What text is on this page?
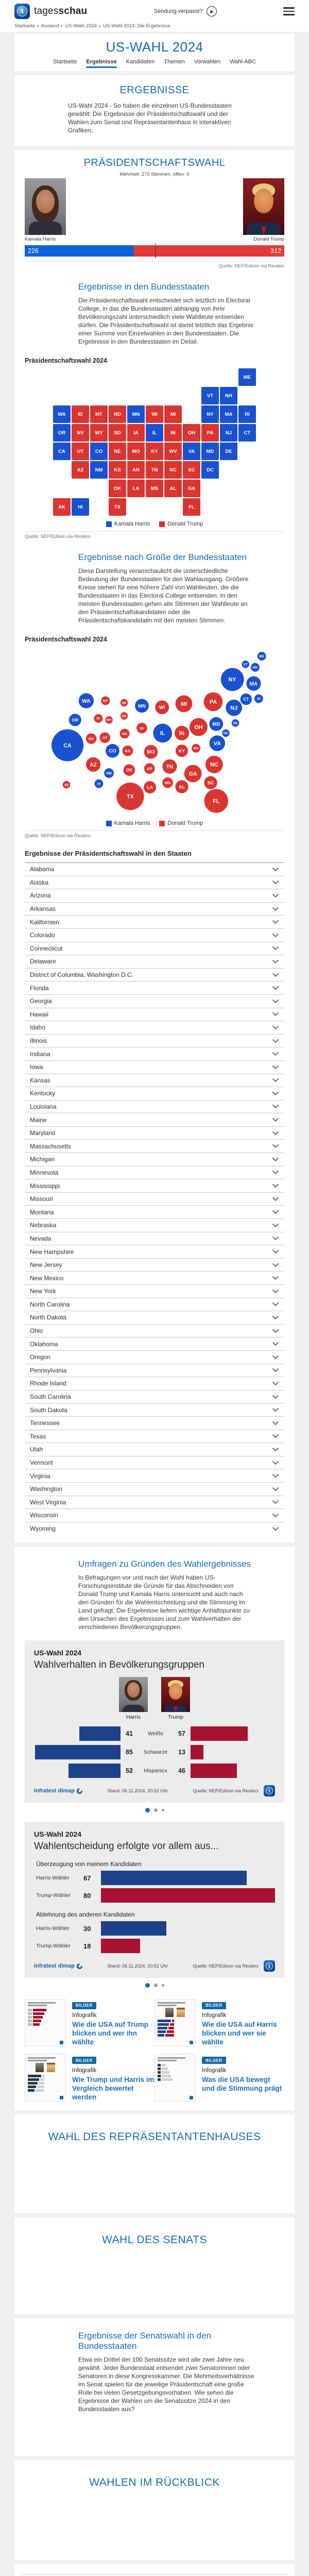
1	tagesschau	Sendung verpasst?	▶
Startseite ▸ Ausland ▸ US-Wahl 2024 ▸ US-Wahl 2024: Die Ergebnisse
US-WAHL 2024
Startseite Ergebnisse Kandidaten Themen Vorwahlen Wahl-ABC
ERGEBNISSE

US-Wahl 2024 - So haben die einzelnen US-Bundesstaaten gewählt: Die Ergebnisse der Präsidentschaftswahl und der Wahlen zum Senat und Repräsentantenhaus in interaktiven Grafiken.

PRÄSIDENTSCHAFTSWAHL

Mehrheit: 270 Stimmen, offen: 0

Kamala Harris	Donald Trump
226	312
Quelle: NEP/Edison via Reuters
Ergebnisse in den Bundesstaaten

Die Präsidentschaftswahl entscheidet sich letztlich im Electoral College, in das die Bundesstaaten abhängig von ihrer Bevölkerungszahl unterschiedlich viele Wahlleute entsenden dürfen. Die Präsidentschaftswahl ist damit letztlich das Ergebnis einer Summe von Einzelwahlen in den Bundesstaaten. Die Ergebnisse in den Bundesstaaten im Detail.

Präsidentschaftswahl 2024
AK
AL
AR
AZ
CA	CO
CT
DC
DE
FL
GA
HI
IA
ID
IL	IN
KS
KY
LA
MA
MD
ME
MI
MN
MO
MS
MT
NC
ND
NE
NH
NJ
NM
NV
NY
OH
OK
OR	PA
RI
SC
SD
TN
TX
UT	VA
VT
WA	WI
WV
WY
Kamala Harris	Donald Trump
Quelle: NEP/Edison via Reuters
Ergebnisse nach Größe der Bundesstaaten

Diese Darstellung veranschaulicht die unterschiedliche Bedeutung der Bundesstaaten für den Wahlausgang. Größere Kreise stehen für eine höhere Zahl von Wahlleuten, die die Bundesstaaten in das Electoral College entsenden. In den meisten Bundesstaaten gehen alle Stimmen der Wahlleute an den Präsidentschaftskandidaten oder die Präsidentschaftskandidatin mit den meisten Stimmen.

Präsidentschaftswahl 2024
AK	AL
AR
AZ
CA
CO
CT
DC
DE
FL
GA
HI
IA
ID
IL	IN
KS	KY
LA
MA
MD
ME
MI
MN
MO
MS
MT
NC
ND
NE
NH
NJ
NM
NV
NY
OH
OK
OR
PA	RI
SC
SD
TN
TX
UT
VA
VT
WA
WI
WV
WY
Kamala Harris	Donald Trump
Quelle: NEP/Edison via Reuters
Ergebnisse der Präsidentschaftswahl in den Staaten
Alabama
Alaska
Arizona
Arkansas
Kalifornien
Colorado
Connecticut
Delaware
District of Columbia, Washington D.C.
Florida
Georgia
Hawaii
Idaho
Illinois
Indiana
Iowa
Kansas
Kentucky
Louisiana
Maine
Maryland
Massachusetts
Michigan
Minnesota
Mississippi
Missouri
Montana
Nebraska
Nevada
New Hampshire
New Jersey
New Mexico
New York
North Carolina
North Dakota
Ohio
Oklahoma
Oregon
Pennsylvania
Rhode Island
South Carolina
South Dakota
Tennessee
Texas
Utah
Vermont
Virginia
Washington
West Virginia
Wisconsin
Wyoming
Umfragen zu Gründen des Wahlergebnisses

In Befragungen vor und nach der Wahl haben US-Forschungsinstitute die Gründe für das Abschneiden von Donald Trump und Kamala Harris untersucht und auch nach den Gründen für die Wahlentscheidung und die Stimmung im Land gefragt. Die Ergebnisse liefern wichtige Anhaltspunkte zu den Ursachen des Ergebnisses und zum Wahlverhalten der verschiedenen Bevölkerungsgruppen.

US-Wahl 2024
Wahlverhalten in Bevölkerungsgruppen
Harris	Trump
41	Weiße	57
85	Schwarze	13
52	Hispanics	46
infratest dimap	Stand: 06.11.2024, 20:52 Uhr	Quelle: NEP/Edison via Reuters	1
US-Wahl 2024
Wahlentscheidung erfolgte vor allem aus...
Überzeugung von meinem Kandidaten
Harris-Wähler	67
Trump-Wähler	80
Ablehnung des anderen Kandidaten
Harris-Wähler	30
Trump-Wähler	18
infratest dimap	Stand: 06.11.2024, 20:52 Uhr	Quelle: NEP/Edison via Reuters	1
BILDER
Infografik
Wie die USA auf Trump blicken und wer ihn wählte
BILDER
Infografik
Wie die USA auf Harris blicken und wer sie wählte
BILDER
Infografik
Wie Trump und Harris im Vergleich bewertet werden
BILDER
Infografik
Was die USA bewegt und die Stimmung prägt
WAHL DES REPRÄSENTANTENHAUSES
WAHL DES SENATS
Ergebnisse der Senatswahl in den Bundesstaaten

Etwa ein Drittel der 100 Senatssitze wird alle zwei Jahre neu gewählt. Jeder Bundesstaat entsendet zwei Senatorinnen oder Senatoren in diese Kongresskammer. Die Mehrheitsverhältnisse im Senat spielen für die jeweilige Präsidentschaft eine große Rolle bei vielen Gesetzgebungsvorhaben. Wie sehen die Ergebnisse der Wahlen um die Senatssitze 2024 in den Bundesstaaten aus?

WAHLEN IM RÜCKBLICK
